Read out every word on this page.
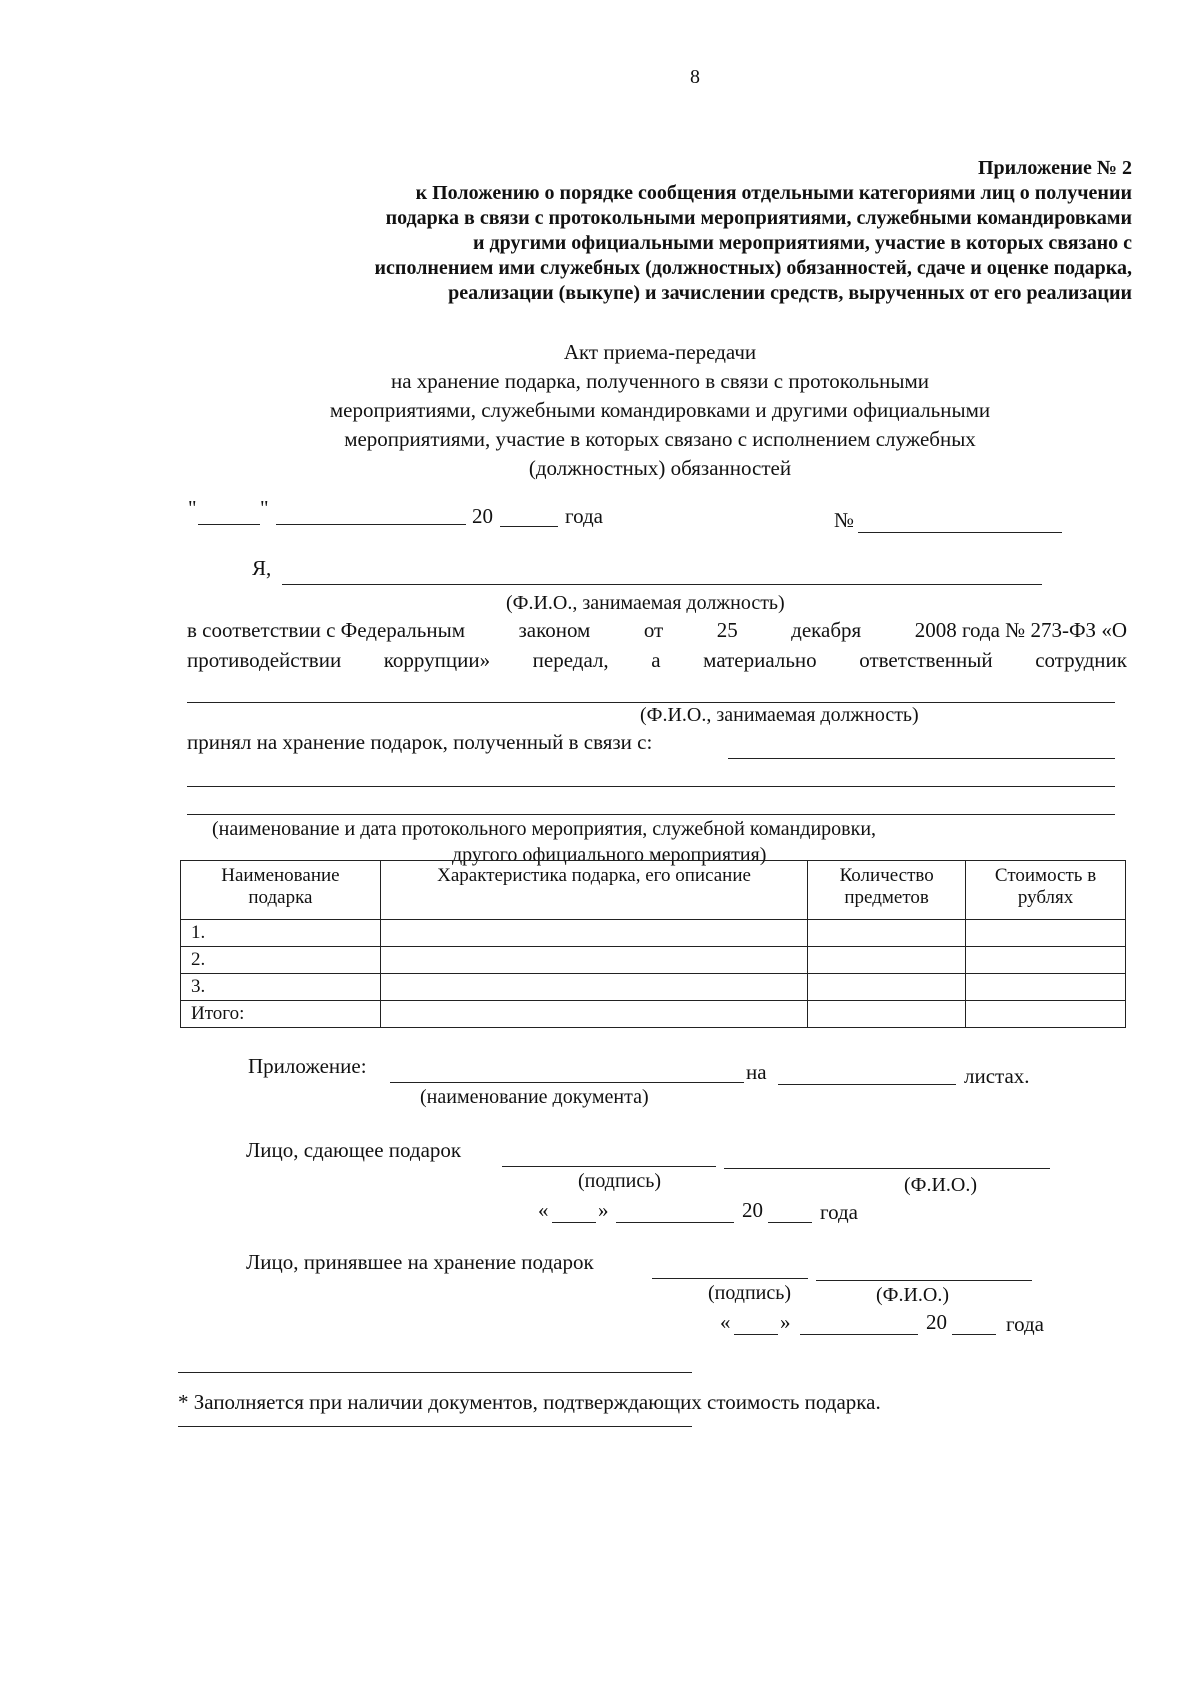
8
Приложение № 2
к Положению о порядке сообщения отдельными категориями лиц о получении
подарка в связи с протокольными мероприятиями, служебными командировками
и другими официальными мероприятиями, участие в которых связано с
исполнением ими служебных (должностных) обязанностей, сдаче и оценке подарка,
реализации (выкупе) и зачислении средств, вырученных от его реализации
Акт приема-передачи
на хранение подарка, полученного в связи с протокольными
мероприятиями, служебными командировками и другими официальными
мероприятиями, участие в которых связано с исполнением служебных
(должностных) обязанностей
"	"	20	года	№
Я,
(Ф.И.О., занимаемая должность)
в соответствии с Федеральным	законом	от	25	декабря	2008 года № 273-ФЗ «О
противодействии коррупции» передал, а материально ответственный сотрудник
(Ф.И.О., занимаемая должность)
принял на хранение подарок, полученный в связи с:
(наименование и дата протокольного мероприятия, служебной командировки,
другого официального мероприятия)
Наименование подарка	Характеристика подарка, его описание	Количество предметов	Стоимость в рублях
1.			
2.			
3.			
Итого:			
Приложение:	на	листах.
(наименование документа)
Лицо, сдающее подарок
(подпись)	(Ф.И.О.)
« »	20	года
Лицо, принявшее на хранение подарок
(подпись)	(Ф.И.О.)
« »	20	года
* Заполняется при наличии документов, подтверждающих стоимость подарка.
